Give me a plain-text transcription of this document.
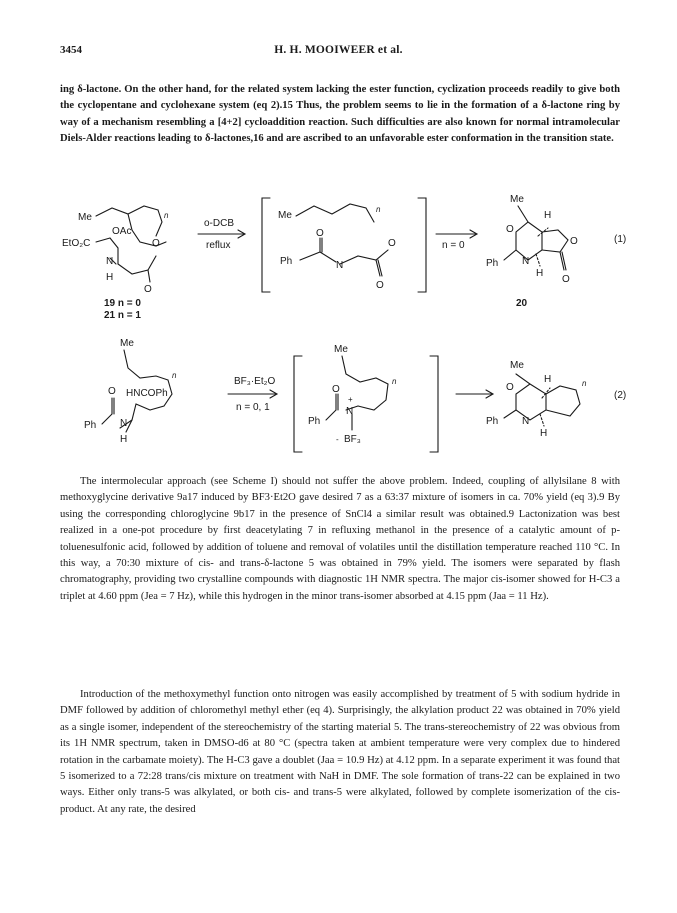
3454	H. H. MOOIWEER et al.

ing δ-lactone. On the other hand, for the related system lacking the ester function, cyclization proceeds readily to give both the cyclopentane and cyclohexane system (eq 2).15 Thus, the problem seems to lie in the formation of a δ-lactone ring by way of a mechanism resembling a [4+2] cycloaddition reaction. Such difficulties are also known for normal intramolecular Diels-Alder reactions leading to δ-lactones,16 and are ascribed to an unfavorable ester conformation in the transition state.

Me
OAc
n
EtO₂C
N
H
O
O
o-DCB
reflux
Me
n
O
Ph	N
O
O
n = 0
Me
H
O
O
Ph N
H
O
(1)
19 n = 0
21 n = 1
20
Me
n
O HNCOPh
Ph N
H
BF₃·Et₂O
n = 0, 1
Me
n
O
+
Ph
N
- BF₃
Me
H
O	n
Ph N
H
(2)

The intermolecular approach (see Scheme I) should not suffer the above problem. Indeed, coupling of allylsilane 8 with methoxyglycine derivative 9a17 induced by BF3·Et2O gave desired 7 as a 63:37 mixture of isomers in ca. 70% yield (eq 3).9 By using the corresponding chloroglycine 9b17 in the presence of SnCl4 a similar result was obtained.9 Lactonization was best realized in a one-pot procedure by first deacetylating 7 in refluxing methanol in the presence of a catalytic amount of p-toluenesulfonic acid, followed by addition of toluene and removal of volatiles until the distillation temperature reached 110 °C. In this way, a 70:30 mixture of cis- and trans-δ-lactone 5 was obtained in 79% yield. The isomers were separated by flash chromatography, providing two crystalline compounds with diagnostic 1H NMR spectra. The major cis-isomer showed for H-C3 a triplet at 4.60 ppm (Jea = 7 Hz), while this hydrogen in the minor trans-isomer absorbed at 4.15 ppm (Jaa = 11 Hz).

Introduction of the methoxymethyl function onto nitrogen was easily accomplished by treatment of 5 with sodium hydride in DMF followed by addition of chloromethyl methyl ether (eq 4). Surprisingly, the alkylation product 22 was obtained in 70% yield as a single isomer, independent of the stereochemistry of the starting material 5. The trans-stereochemistry of 22 was obvious from its 1H NMR spectrum, taken in DMSO-d6 at 80 °C (spectra taken at ambient temperature were very complex due to hindered rotation in the carbamate moiety). The H-C3 gave a doublet (Jaa = 10.9 Hz) at 4.12 ppm. In a separate experiment it was found that 5 isomerized to a 72:28 trans/cis mixture on treatment with NaH in DMF. The sole formation of trans-22 can be explained in two ways. Either only trans-5 was alkylated, or both cis- and trans-5 were alkylated, followed by complete isomerization of the cis-product. At any rate, the desired
